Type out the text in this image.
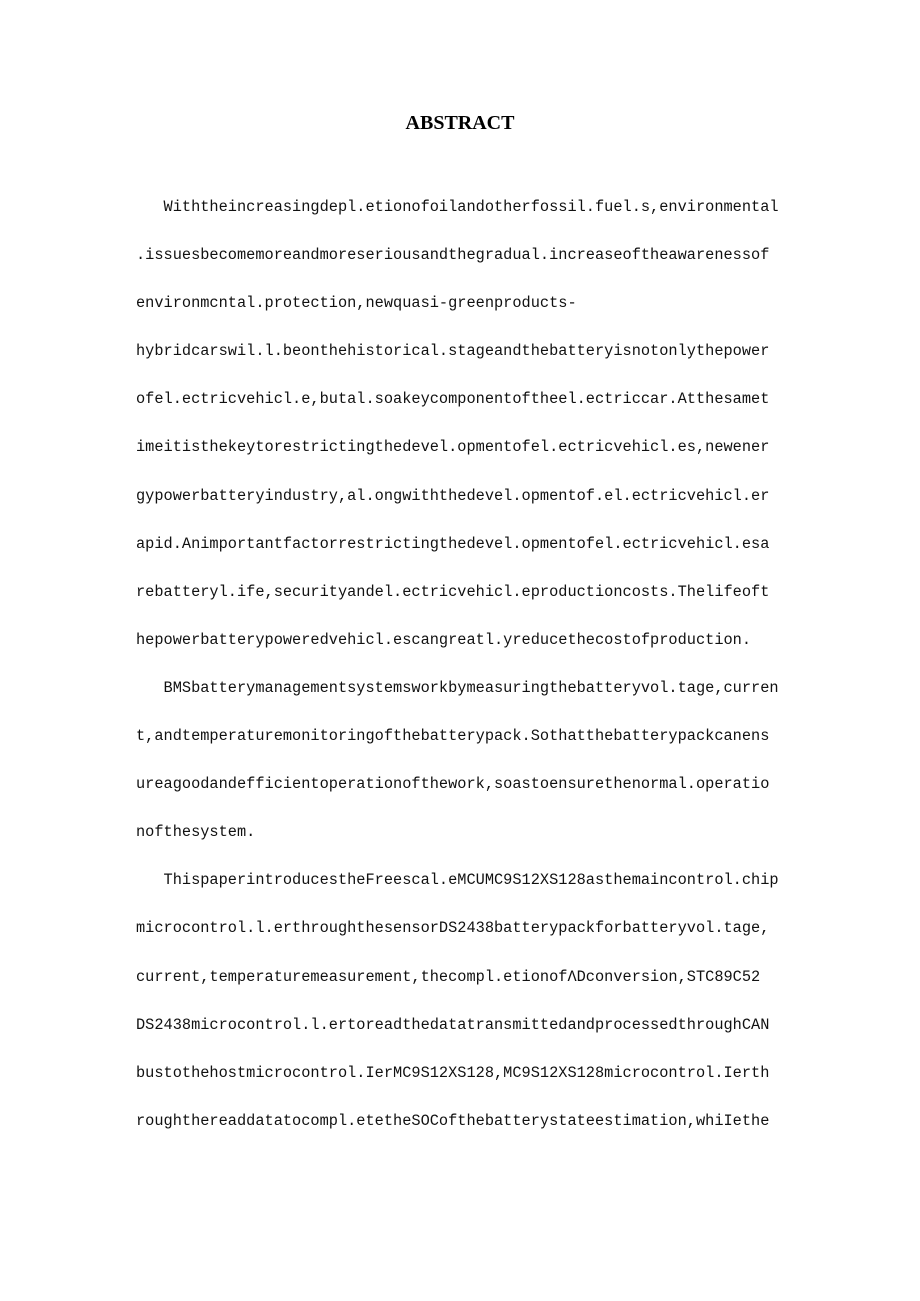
ABSTRACT
Withtheincreasingdepl.etionofoilandotherfossil.fuel.s,environmental
.issuesbecomemoreandmoreseriousandthegradual.increaseoftheawarenessof
environmcntal.protection,newquasi-greenproducts-
hybridcarswil.l.beonthehistorical.stageandthebatteryisnotonlythepower
ofel.ectricvehicl.e,butal.soakeycomponentoftheel.ectriccar.Atthesamet
imeitisthekeytorestrictingthedevel.opmentofel.ectricvehicl.es,newener
gypowerbatteryindustry,al.ongwiththedevel.opmentof.el.ectricvehicl.er
apid.Animportantfactorrestrictingthedevel.opmentofel.ectricvehicl.esa
rebatteryl.ife,securityandel.ectricvehicl.eproductioncosts.Thelifeoft
hepowerbatterypoweredvehicl.escangreatl.yreducethecostofproduction.
BMSbatterymanagementsystemsworkbymeasuringthebatteryvol.tage,curren
t,andtemperaturemonitoringofthebatterypack.Sothatthebatterypackcanens
ureagoodandefficientoperationofthework,soastoensurethenormal.operatio
nofthesystem.
ThispaperintroducestheFreescal.eMCUMC9S12XS128asthemaincontrol.chip
microcontrol.l.erthroughthesensorDS2438batterypackforbatteryvol.tage,
current,temperaturemeasurement,thecompl.etionofΛDconversion,STC89C52
DS2438microcontrol.l.ertoreadthedatatransmittedandprocessedthroughCAN
bustothehostmicrocontrol.IerMC9S12XS128,MC9S12XS128microcontrol.Ierth
roughthereaddatatocompl.etetheSOCofthebatterystateestimation,whiIethe
